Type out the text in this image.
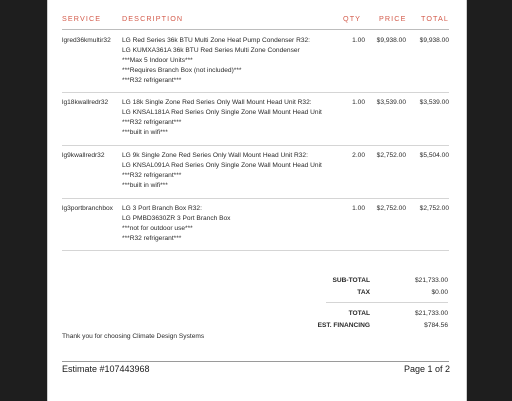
SERVICE	DESCRIPTION	QTY PRICE TOTAL
lgred36kmultir32	LG Red Series 36k BTU Multi Zone Heat Pump Condenser R32:
LG KUMXA361A 36k BTU Red Series Multi Zone Condenser
***Max 5 Indoor Units***
***Requires Branch Box (not included)***
***R32 refrigerant***
1.00	$9,938.00	$9,938.00
lg18kwallredr32	LG 18k Single Zone Red Series Only Wall Mount Head Unit R32:
LG KNSAL181A Red Series Only Single Zone Wall Mount Head Unit
***R32 refrigerant***
***built in wifi***
1.00	$3,539.00	$3,539.00
lg9kwallredr32	LG 9k Single Zone Red Series Only Wall Mount Head Unit R32:
LG KNSAL091A Red Series Only Single Zone Wall Mount Head Unit
***R32 refrigerant***
***built in wifi***
2.00	$2,752.00	$5,504.00
lg3portbranchbox	LG 3 Port Branch Box R32:
LG PMBD3630ZR 3 Port Branch Box
***not for outdoor use***
***R32 refrigerant***
1.00	$2,752.00	$2,752.00
SUB-TOTAL	$21,733.00
TAX	$0.00
TOTAL	$21,733.00
EST. FINANCING	$784.56
Thank you for choosing Climate Design Systems
Estimate #107443968	Page 1 of 2
